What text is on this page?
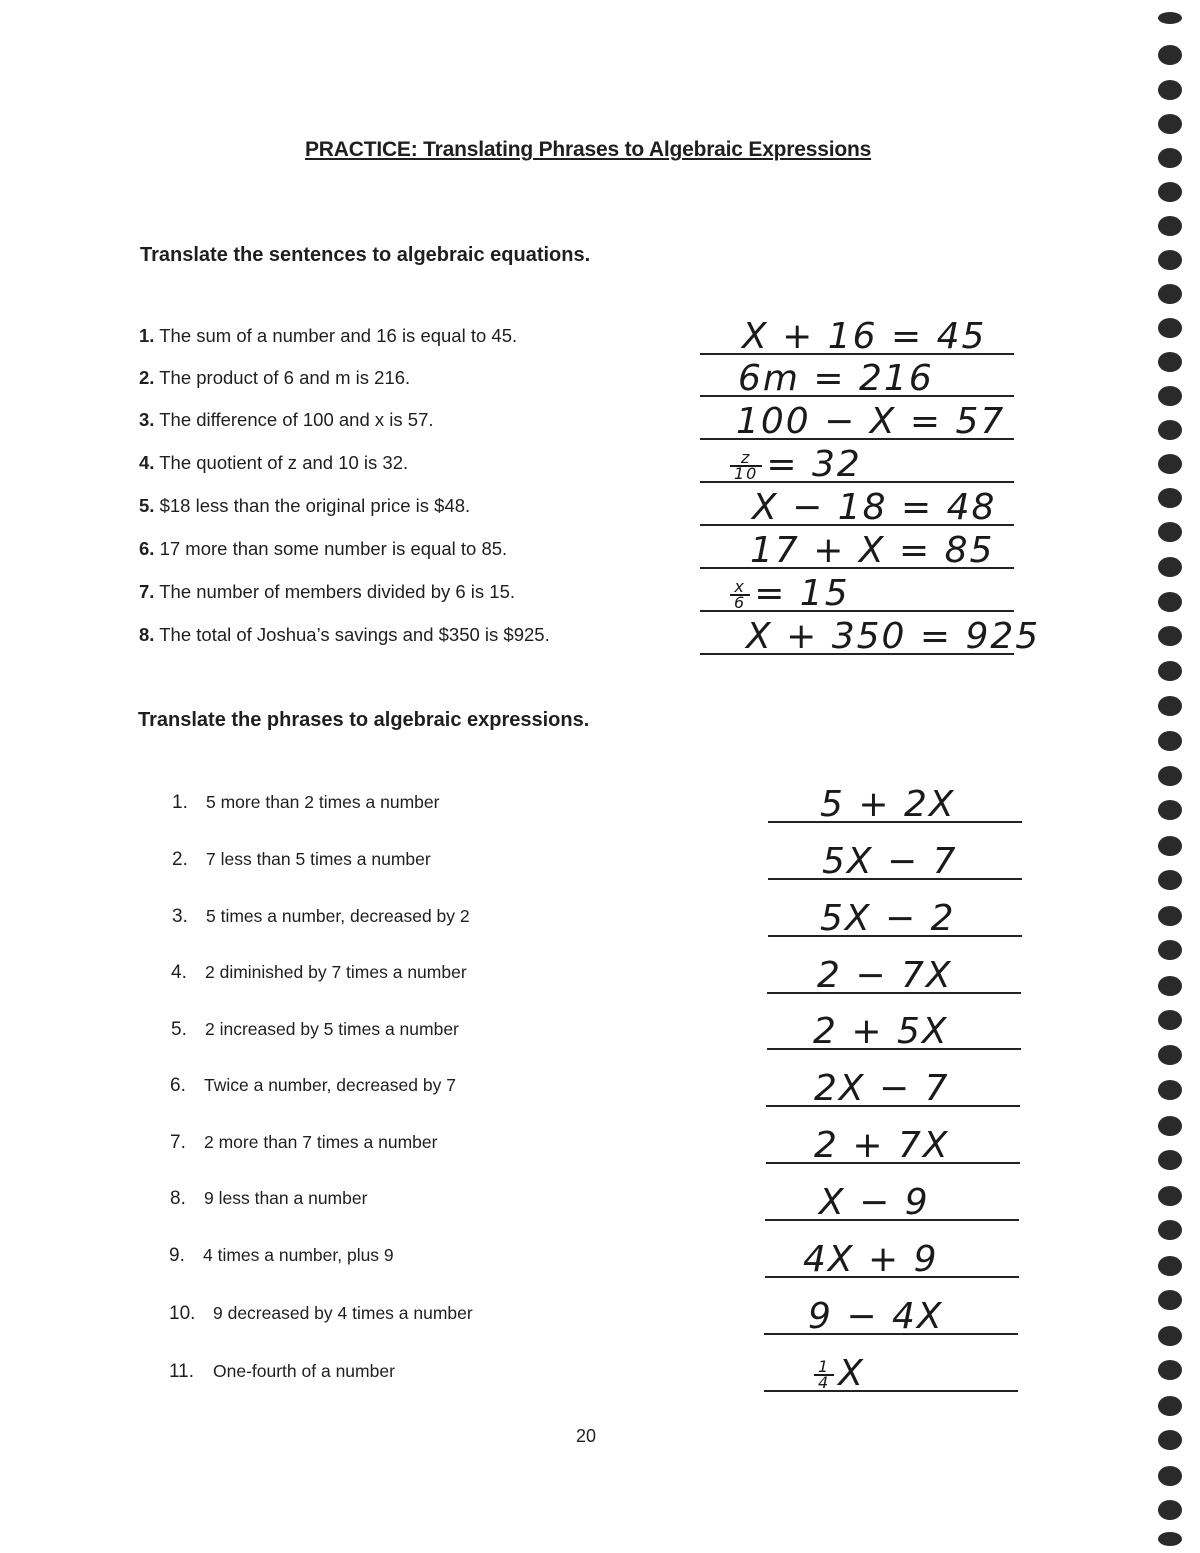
PRACTICE: Translating Phrases to Algebraic Expressions
Translate the sentences to algebraic equations.
1. The sum of a number and 16 is equal to 45.
2. The product of 6 and m is 216.
3. The difference of 100 and x is 57.
4. The quotient of z and 10 is 32.
5. $18 less than the original price is $48.
6. 17 more than some number is equal to 85.
7. The number of members divided by 6 is 15.
8. The total of Joshua’s savings and $350 is $925.
X + 16 = 45
6m = 216
100 − X = 57
$\frac{z}{10} = 32$
X − 18 = 48
17 + X = 85
$\frac{x}{6} = 15$
X + 350 = 925
Translate the phrases to algebraic expressions.
1. 5 more than 2 times a number
2. 7 less than 5 times a number
3. 5 times a number, decreased by 2
4. 2 diminished by 7 times a number
5. 2 increased by 5 times a number
6. Twice a number, decreased by 7
7. 2 more than 7 times a number
8. 9 less than a number
9. 4 times a number, plus 9
10. 9 decreased by 4 times a number
11. One-fourth of a number
5 + 2X
5X − 7
5X − 2
2 − 7X
2 + 5X
2X − 7
2 + 7X
X − 9
4X + 9
9 − 4X
$\frac{1}{4}$ X
20
